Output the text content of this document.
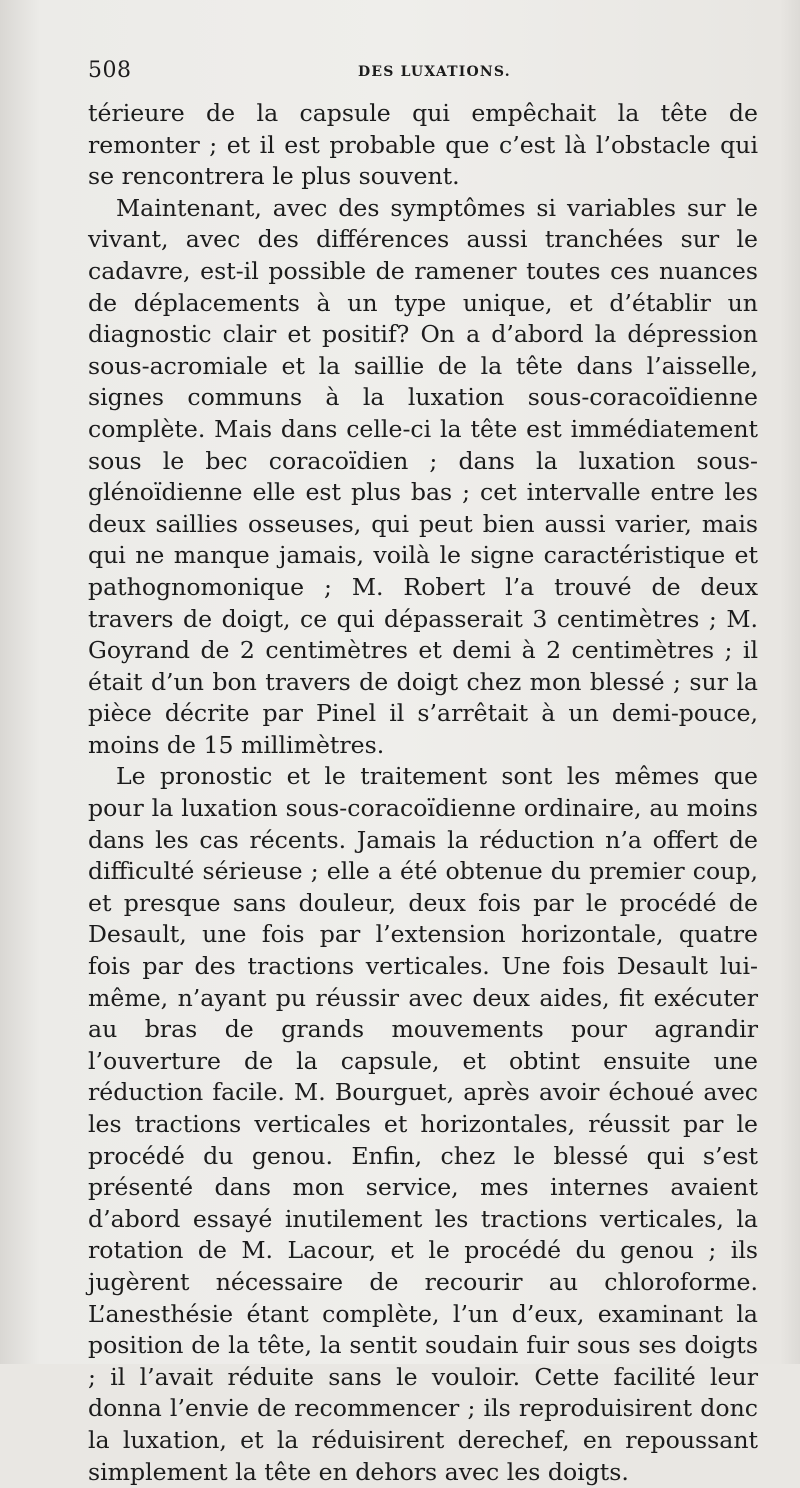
508	DES LUXATIONS.

térieure de la capsule qui empêchait la tête de remonter ; et il est probable que c’est là l’obstacle qui se rencontrera le plus souvent.

Maintenant, avec des symptômes si variables sur le vivant, avec des différences aussi tranchées sur le cadavre, est-il possible de ramener toutes ces nuances de déplacements à un type unique, et d’établir un diagnostic clair et positif? On a d’abord la dépression sous-acromiale et la saillie de la tête dans l’aisselle, signes communs à la luxation sous-coracoïdienne complète. Mais dans celle-ci la tête est immédiatement sous le bec coracoïdien ; dans la luxation sous-glénoïdienne elle est plus bas ; cet intervalle entre les deux saillies osseuses, qui peut bien aussi varier, mais qui ne manque jamais, voilà le signe caractéristique et pathognomonique ; M. Robert l’a trouvé de deux travers de doigt, ce qui dépasserait 3 centimètres ; M. Goyrand de 2 centimètres et demi à 2 centimètres ; il était d’un bon travers de doigt chez mon blessé ; sur la pièce décrite par Pinel il s’arrêtait à un demi-pouce, moins de 15 millimètres.

Le pronostic et le traitement sont les mêmes que pour la luxation sous-coracoïdienne ordinaire, au moins dans les cas récents. Jamais la réduction n’a offert de difficulté sérieuse ; elle a été obtenue du premier coup, et presque sans douleur, deux fois par le procédé de Desault, une fois par l’extension horizontale, quatre fois par des tractions verticales. Une fois Desault lui-même, n’ayant pu réussir avec deux aides, fit exécuter au bras de grands mouvements pour agrandir l’ouverture de la capsule, et obtint ensuite une réduction facile. M. Bourguet, après avoir échoué avec les tractions verticales et horizontales, réussit par le procédé du genou. Enfin, chez le blessé qui s’est présenté dans mon service, mes internes avaient d’abord essayé inutilement les tractions verticales, la rotation de M. Lacour, et le procédé du genou ; ils jugèrent nécessaire de recourir au chloroforme. L’anesthésie étant complète, l’un d’eux, examinant la position de la tête, la sentit soudain fuir sous ses doigts ; il l’avait réduite sans le vouloir. Cette facilité leur donna l’envie de recommencer ; ils reproduisirent donc la luxation, et la réduisirent derechef, en repoussant simplement la tête en dehors avec les doigts.
